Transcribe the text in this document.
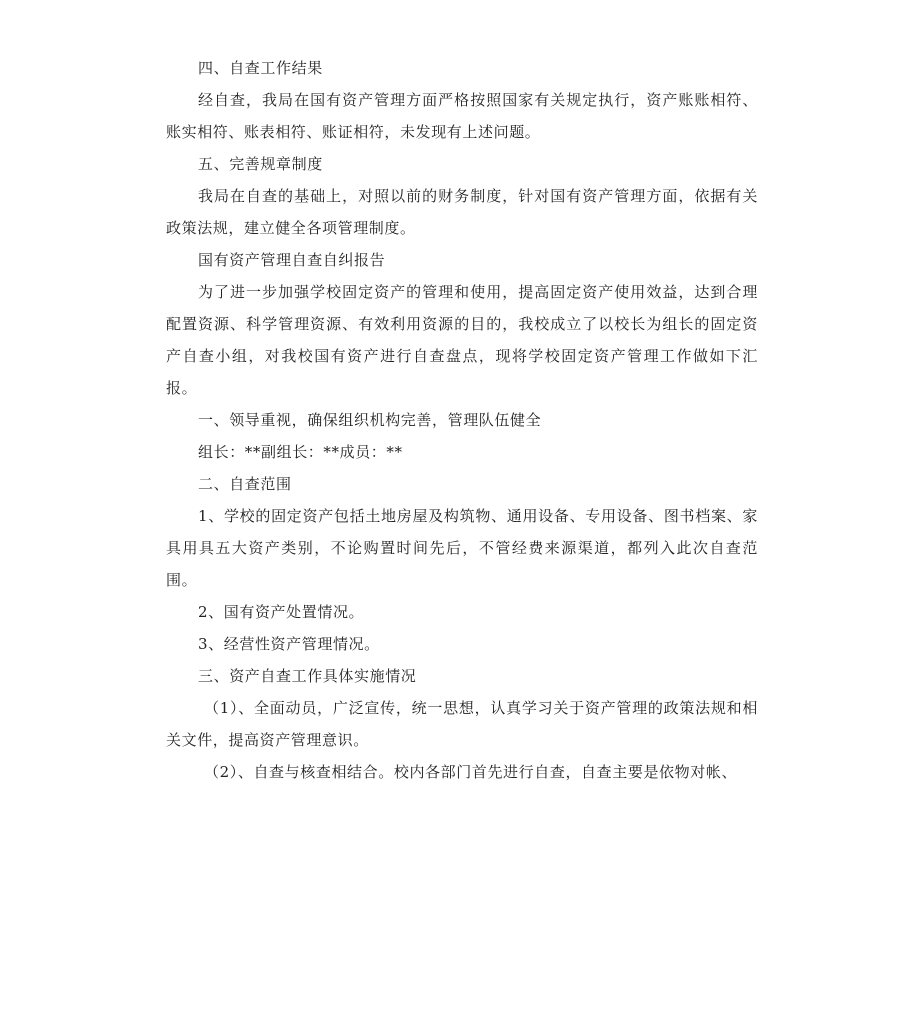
四、自查工作结果

经自查，我局在国有资产管理方面严格按照国家有关规定执行，资产账账相符、账实相符、账表相符、账证相符，未发现有上述问题。

五、完善规章制度

我局在自查的基础上，对照以前的财务制度，针对国有资产管理方面，依据有关政策法规，建立健全各项管理制度。

国有资产管理自查自纠报告

为了进一步加强学校固定资产的管理和使用，提高固定资产使用效益，达到合理配置资源、科学管理资源、有效利用资源的目的，我校成立了以校长为组长的固定资产自查小组，对我校国有资产进行自查盘点，现将学校固定资产管理工作做如下汇报。

一、领导重视，确保组织机构完善，管理队伍健全

组长：**副组长：**成员：**

二、自查范围

1、学校的固定资产包括土地房屋及构筑物、通用设备、专用设备、图书档案、家具用具五大资产类别，不论购置时间先后，不管经费来源渠道，都列入此次自查范围。

2、国有资产处置情况。

3、经营性资产管理情况。

三、资产自查工作具体实施情况

（1）、全面动员，广泛宣传，统一思想，认真学习关于资产管理的政策法规和相关文件，提高资产管理意识。

（2）、自查与核查相结合。校内各部门首先进行自查，自查主要是依物对帐、
